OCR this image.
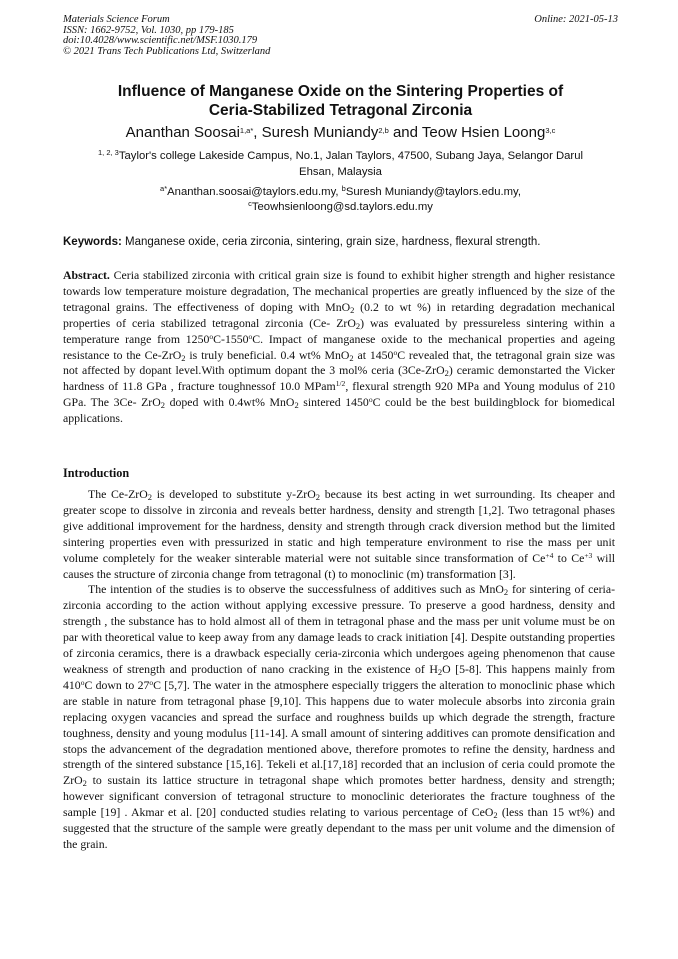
Materials Science Forum	Online: 2021-05-13
ISSN: 1662-9752, Vol. 1030, pp 179-185
doi:10.4028/www.scientific.net/MSF.1030.179
© 2021 Trans Tech Publications Ltd, Switzerland
Influence of Manganese Oxide on the Sintering Properties of
Ceria-Stabilized Tetragonal Zirconia
Ananthan Soosai$^{1,a*}$, Suresh Muniandy$^{2,b}$ and Teow Hsien Loong$^{3,c}$
$^{1, 2, 3}$Taylor's college Lakeside Campus, No.1, Jalan Taylors, 47500, Subang Jaya, Selangor Darul
Ehsan, Malaysia
$^{a*}$Ananthan.soosai@taylors.edu.my, $^b$Suresh Muniandy@taylors.edu.my,
$^c$Teowhsienloong@sd.taylors.edu.my
Keywords: Manganese oxide, ceria zirconia, sintering, grain size, hardness, flexural strength.
Abstract. Ceria stabilized zirconia with critical grain size is found to exhibit higher strength and higher resistance towards low temperature moisture degradation, The mechanical properties are greatly influenced by the size of the tetragonal grains. The effectiveness of doping with MnO$_2$ (0.2 to wt %) in retarding degradation mechanical properties of ceria stabilized tetragonal zirconia (Ce- ZrO$_2$) was evaluated by pressureless sintering within a temperature range from 1250$^o$C-1550$^o$C. Impact of manganese oxide to the mechanical properties and ageing resistance to the Ce-ZrO$_2$ is truly beneficial. 0.4 wt% MnO$_2$ at 1450$^o$C revealed that, the tetragonal grain size was not affected by dopant level.With optimum dopant the 3 mol% ceria (3Ce-ZrO$_2$) ceramic demonstarted the Vicker hardness of 11.8 GPa , fracture toughnessof 10.0 MPam$^{1/2}$, flexural strength 920 MPa and Young modulus of 210 GPa. The 3Ce- ZrO$_2$ doped with 0.4wt% MnO$_2$ sintered 1450$^o$C could be the best buildingblock for biomedical applications.
Introduction

The Ce-ZrO$_2$ is developed to substitute y-ZrO$_2$ because its best acting in wet surrounding. Its cheaper and greater scope to dissolve in zirconia and reveals better hardness, density and strength [1,2]. Two tetragonal phases give additional improvement for the hardness, density and strength through crack diversion method but the limited sintering properties even with pressurized in static and high temperature environment to rise the mass per unit volume completely for the weaker sinterable material were not suitable since transformation of $Ce^{+4}$ to $Ce^{+3}$ will causes the structure of zirconia change from tetragonal (t) to monoclinic (m) transformation [3].

The intention of the studies is to observe the successfulness of additives such as MnO$_2$ for sintering of ceria-zirconia according to the action without applying excessive pressure. To preserve a good hardness, density and strength , the substance has to hold almost all of them in tetragonal phase and the mass per unit volume must be on par with theoretical value to keep away from any damage leads to crack initiation [4]. Despite outstanding properties of zirconia ceramics, there is a drawback especially ceria-zirconia which undergoes ageing phenomenon that cause weakness of strength and production of nano cracking in the existence of $H_2O$ [5-8]. This happens mainly from 410$^o$C down to 27$^o$C [5,7]. The water in the atmosphere especially triggers the alteration to monoclinic phase which are stable in nature from tetragonal phase [9,10]. This happens due to water molecule absorbs into zirconia grain replacing oxygen vacancies and spread the surface and roughness builds up which degrade the strength, fracture toughness, density and young modulus [11-14]. A small amount of sintering additives can promote densification and stops the advancement of the degradation mentioned above, therefore promotes to refine the density, hardness and strength of the sintered substance [15,16]. Tekeli et al.[17,18] recorded that an inclusion of ceria could promote the ZrO$_2$ to sustain its lattice structure in tetragonal shape which promotes better hardness, density and strength; however significant conversion of tetragonal structure to monoclinic deteriorates the fracture toughness of the sample [19] . Akmar et al. [20] conducted studies relating to various percentage of CeO$_2$ (less than 15 wt%) and suggested that the structure of the sample were greatly dependant to the mass per unit volume and the dimension of the grain.
